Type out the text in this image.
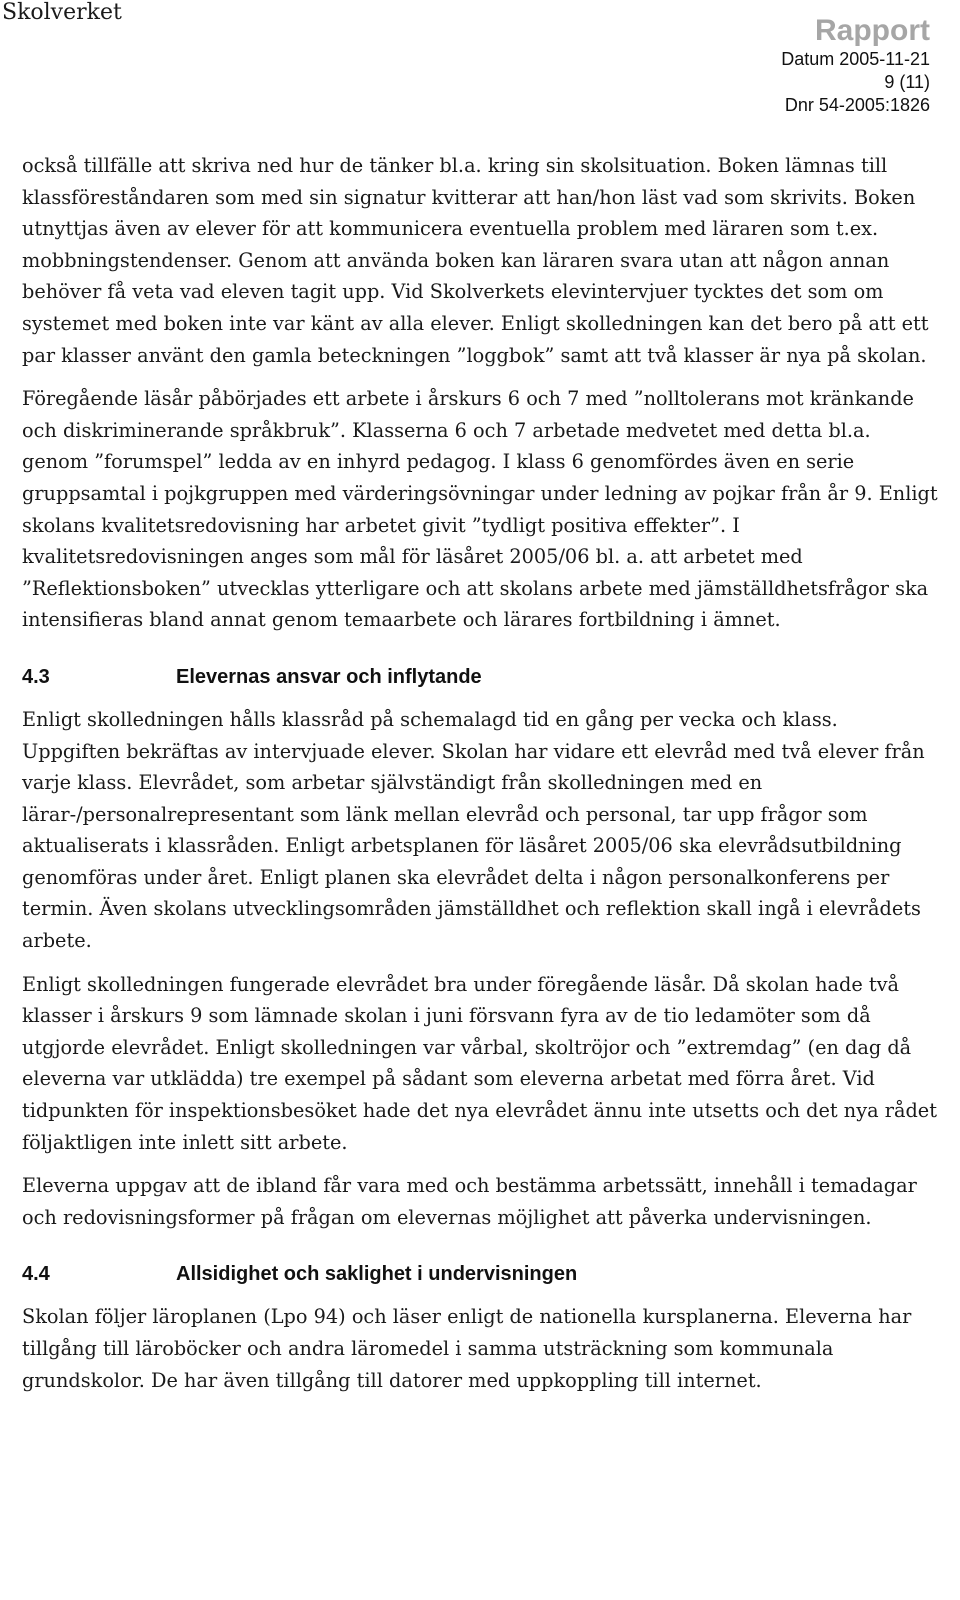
Skolverket
Rapport
Datum 2005-11-21
9 (11)
Dnr 54-2005:1826

också tillfälle att skriva ned hur de tänker bl.a. kring sin skolsituation. Boken lämnas till klassföreståndaren som med sin signatur kvitterar att han/hon läst vad som skrivits. Boken utnyttjas även av elever för att kommunicera eventuella problem med läraren som t.ex. mobbningstendenser. Genom att använda boken kan läraren svara utan att någon annan behöver få veta vad eleven tagit upp. Vid Skolverkets elevintervjuer tycktes det som om systemet med boken inte var känt av alla elever. Enligt skolledningen kan det bero på att ett par klasser använt den gamla beteckningen ”loggbok” samt att två klasser är nya på skolan.

Föregående läsår påbörjades ett arbete i årskurs 6 och 7 med ”nolltolerans mot kränkande och diskriminerande språkbruk”. Klasserna 6 och 7 arbetade medvetet med detta bl.a. genom ”forumspel” ledda av en inhyrd pedagog. I klass 6 genomfördes även en serie gruppsamtal i pojkgruppen med värderingsövningar under ledning av pojkar från år 9. Enligt skolans kvalitetsredovisning har arbetet givit ”tydligt positiva effekter”. I kvalitetsredovisningen anges som mål för läsåret 2005/06 bl. a. att arbetet med ”Reflektionsboken” utvecklas ytterligare och att skolans arbete med jämställdhetsfrågor ska intensifieras bland annat genom temaarbete och lärares fortbildning i ämnet.

4.3	Elevernas ansvar och inflytande

Enligt skolledningen hålls klassråd på schemalagd tid en gång per vecka och klass. Uppgiften bekräftas av intervjuade elever. Skolan har vidare ett elevråd med två elever från varje klass. Elevrådet, som arbetar självständigt från skolledningen med en lärar-/personalrepresentant som länk mellan elevråd och personal, tar upp frågor som aktualiserats i klassråden. Enligt arbetsplanen för läsåret 2005/06 ska elevrådsutbildning genomföras under året. Enligt planen ska elevrådet delta i någon personalkonferens per termin. Även skolans utvecklingsområden jämställdhet och reflektion skall ingå i elevrådets arbete.

Enligt skolledningen fungerade elevrådet bra under föregående läsår. Då skolan hade två klasser i årskurs 9 som lämnade skolan i juni försvann fyra av de tio ledamöter som då utgjorde elevrådet. Enligt skolledningen var vårbal, skoltröjor och ”extremdag” (en dag då eleverna var utklädda) tre exempel på sådant som eleverna arbetat med förra året. Vid tidpunkten för inspektionsbesöket hade det nya elevrådet ännu inte utsetts och det nya rådet följaktligen inte inlett sitt arbete.

Eleverna uppgav att de ibland får vara med och bestämma arbetssätt, innehåll i temadagar och redovisningsformer på frågan om elevernas möjlighet att påverka undervisningen.

4.4	Allsidighet och saklighet i undervisningen

Skolan följer läroplanen (Lpo 94) och läser enligt de nationella kursplanerna. Eleverna har tillgång till läroböcker och andra läromedel i samma utsträckning som kommunala grundskolor. De har även tillgång till datorer med uppkoppling till internet.
